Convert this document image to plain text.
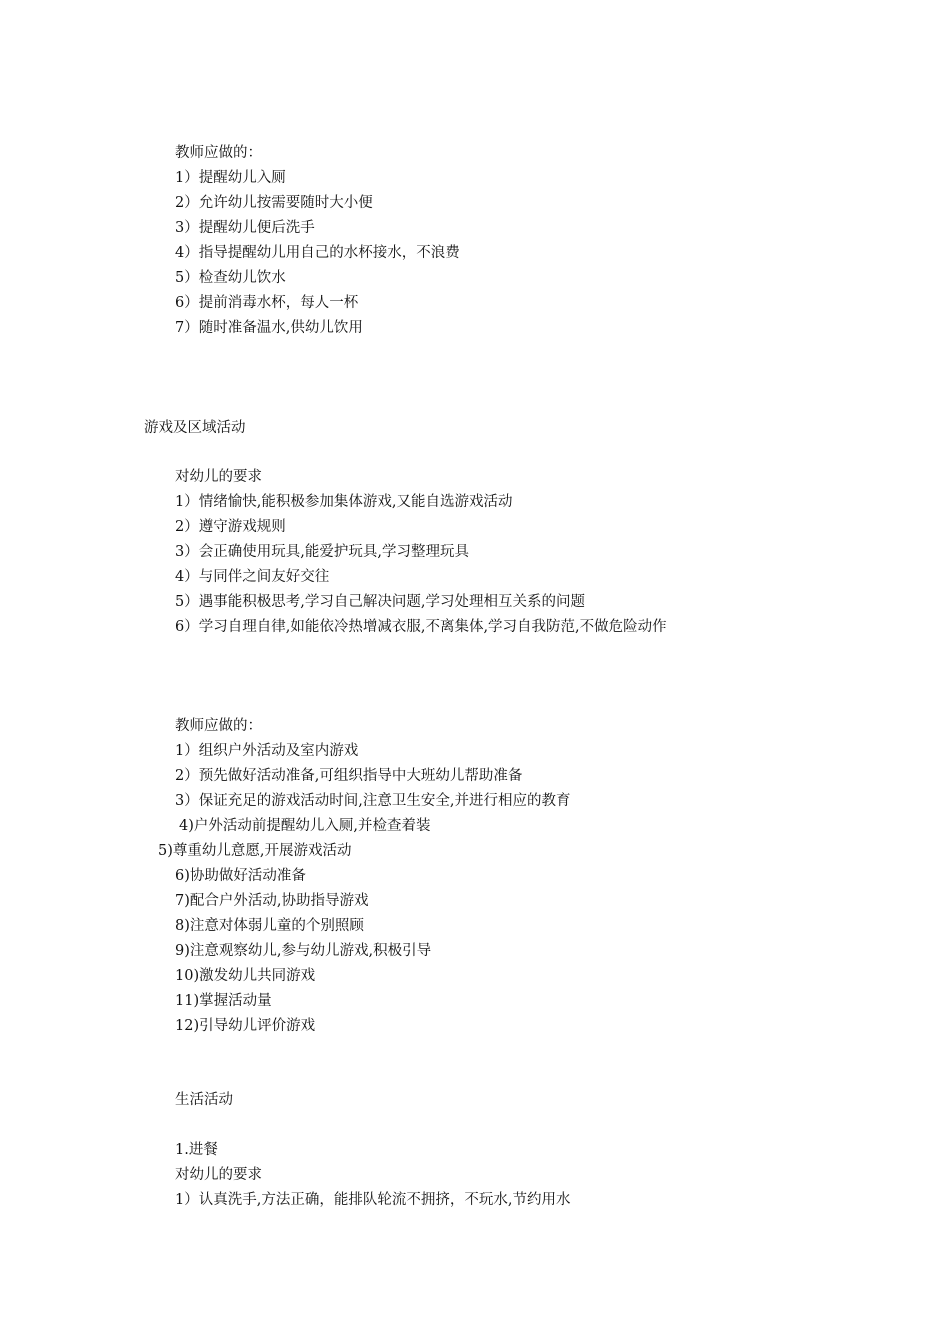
教师应做的：
1）提醒幼儿入厕
2）允许幼儿按需要随时大小便
3）提醒幼儿便后洗手
4）指导提醒幼儿用自己的水杯接水，不浪费
5）检查幼儿饮水
6）提前消毒水杯，每人一杯
7）随时准备温水,供幼儿饮用
游戏及区域活动
对幼儿的要求
1）情绪愉快,能积极参加集体游戏,又能自选游戏活动
2）遵守游戏规则
3）会正确使用玩具,能爱护玩具,学习整理玩具
4）与同伴之间友好交往
5）遇事能积极思考,学习自己解决问题,学习处理相互关系的问题
6）学习自理自律,如能依冷热增减衣服,不离集体,学习自我防范,不做危险动作
教师应做的：
1）组织户外活动及室内游戏
2）预先做好活动准备,可组织指导中大班幼儿帮助准备
3）保证充足的游戏活动时间,注意卫生安全,并进行相应的教育
4)户外活动前提醒幼儿入厕,并检查着装
5)尊重幼儿意愿,开展游戏活动
6)协助做好活动准备
7)配合户外活动,协助指导游戏
8)注意对体弱儿童的个别照顾
9)注意观察幼儿,参与幼儿游戏,积极引导
10)激发幼儿共同游戏
11)掌握活动量
12)引导幼儿评价游戏
生活活动
1.进餐
对幼儿的要求
1）认真洗手,方法正确，能排队轮流不拥挤，不玩水,节约用水
